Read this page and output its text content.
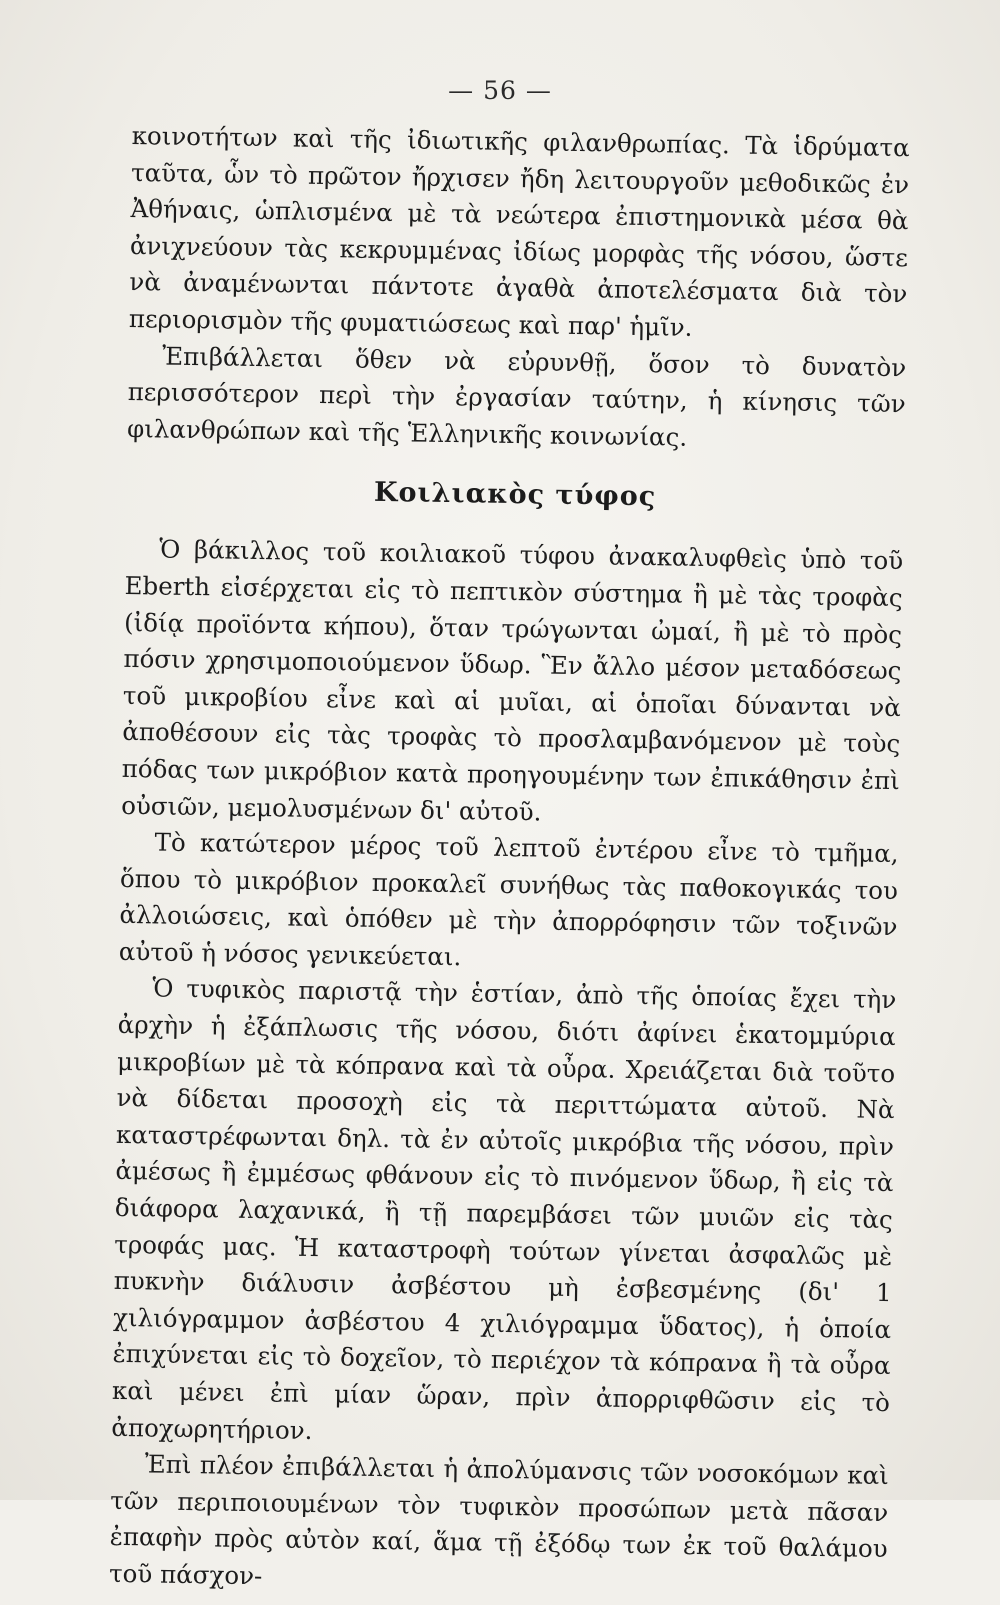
— 56 —

κοινοτήτων καὶ τῆς ἰδιωτικῆς φιλανθρωπίας. Τὰ ἱδρύματα ταῦτα, ὧν τὸ πρῶτον ἤρχισεν ἤδη λειτουργοῦν μεθοδικῶς ἐν Ἀθήναις, ὡπλισμένα μὲ τὰ νεώτερα ἐπιστημονικὰ μέσα θὰ ἀνιχνεύουν τὰς κεκρυμμένας ἰδίως μορφὰς τῆς νόσου, ὥστε νὰ ἀναμένωνται πάντοτε ἀγαθὰ ἀποτελέσματα διὰ τὸν περιορισμὸν τῆς φυματιώσεως καὶ παρ' ἡμῖν.

Ἐπιβάλλεται ὅθεν νὰ εὐρυνθῇ, ὅσον τὸ δυνατὸν περισσότερον περὶ τὴν ἐργασίαν ταύτην, ἡ κίνησις τῶν φιλανθρώπων καὶ τῆς Ἑλληνικῆς κοινωνίας.

Κοιλιακὸς τύφος

Ὁ βάκιλλος τοῦ κοιλιακοῦ τύφου ἀνακαλυφθεὶς ὑπὸ τοῦ Eberth εἰσέρχεται εἰς τὸ πεπτικὸν σύστημα ἢ μὲ τὰς τροφὰς (ἰδίᾳ προϊόντα κήπου), ὅταν τρώγωνται ὠμαί, ἢ μὲ τὸ πρὸς πόσιν χρησιμοποιούμενον ὕδωρ. Ἓν ἄλλο μέσον μεταδόσεως τοῦ μικροβίου εἶνε καὶ αἱ μυῖαι, αἱ ὁποῖαι δύνανται νὰ ἀποθέσουν εἰς τὰς τροφὰς τὸ προσλαμβανόμενον μὲ τοὺς πόδας των μικρόβιον κατὰ προηγουμένην των ἐπικάθησιν ἐπὶ οὐσιῶν, μεμολυσμένων δι' αὐτοῦ.

Τὸ κατώτερον μέρος τοῦ λεπτοῦ ἐντέρου εἶνε τὸ τμῆμα, ὅπου τὸ μικρόβιον προκαλεῖ συνήθως τὰς παθοκογικάς του ἀλλοιώσεις, καὶ ὁπόθεν μὲ τὴν ἀπορρόφησιν τῶν τοξινῶν αὐτοῦ ἡ νόσος γενικεύεται.

Ὁ τυφικὸς παριστᾷ τὴν ἑστίαν, ἀπὸ τῆς ὁποίας ἔχει τὴν ἀρχὴν ἡ ἐξάπλωσις τῆς νόσου, διότι ἀφίνει ἑκατομμύρια μικροβίων μὲ τὰ κόπρανα καὶ τὰ οὖρα. Χρειάζεται διὰ τοῦτο νὰ δίδεται προσοχὴ εἰς τὰ περιττώματα αὐτοῦ. Νὰ καταστρέφωνται δηλ. τὰ ἐν αὐτοῖς μικρόβια τῆς νόσου, πρὶν ἀμέσως ἢ ἐμμέσως φθάνουν εἰς τὸ πινόμενον ὕδωρ, ἢ εἰς τὰ διάφορα λαχανικά, ἢ τῇ παρεμβάσει τῶν μυιῶν εἰς τὰς τροφάς μας. Ἡ καταστροφὴ τούτων γίνεται ἀσφαλῶς μὲ πυκνὴν διάλυσιν ἀσβέστου μὴ ἐσβεσμένης (δι' 1 χιλιόγραμμον ἀσβέστου 4 χιλιόγραμμα ὕδατος), ἡ ὁποία ἐπιχύνεται εἰς τὸ δοχεῖον, τὸ περιέχον τὰ κόπρανα ἢ τὰ οὖρα καὶ μένει ἐπὶ μίαν ὥραν, πρὶν ἀπορριφθῶσιν εἰς τὸ ἀποχωρητήριον.

Ἐπὶ πλέον ἐπιβάλλεται ἡ ἀπολύμανσις τῶν νοσοκόμων καὶ τῶν περιποιουμένων τὸν τυφικὸν προσώπων μετὰ πᾶσαν ἐπαφὴν πρὸς αὐτὸν καί, ἅμα τῇ ἐξόδῳ των ἐκ τοῦ θαλάμου τοῦ πάσχον-
